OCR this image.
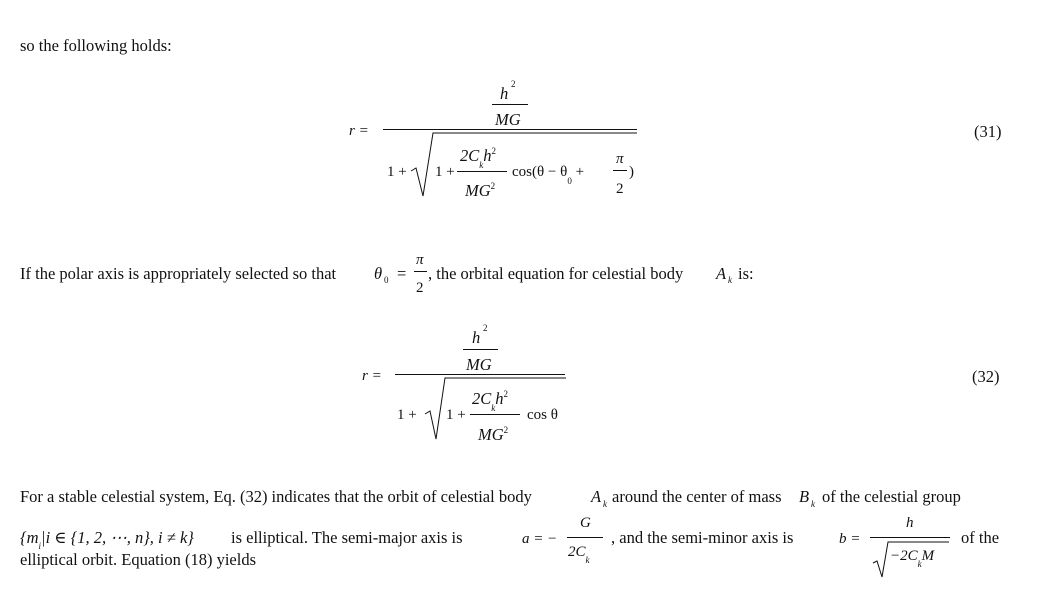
so the following holds:
r =
h 2
MG
1 + 1 +
$2C_kh^2$
$MG^2$
$\cos(\theta - \theta_0$ +
π
2
)
(31)
If the polar axis is appropriately selected so that θ 0 =
π
2
, the orbital equation for celestial body A k is:
r =
h 2
MG
1 + 1 +
$2C_kh^2$
$MG^2$
cos θ
(32)
For a stable celestial system, Eq. (32) indicates that the orbit of celestial body	A k around the center of mass B k of the celestial group
{$m_i|i$ ∈ {1, 2, ⋯, n}, i ≠ k} is elliptical. The semi-major axis is	a = −
G
$2C_k$
, and the semi-minor axis is	b =
h
$-2C_kM$
of the
elliptical orbit. Equation (18) yields
